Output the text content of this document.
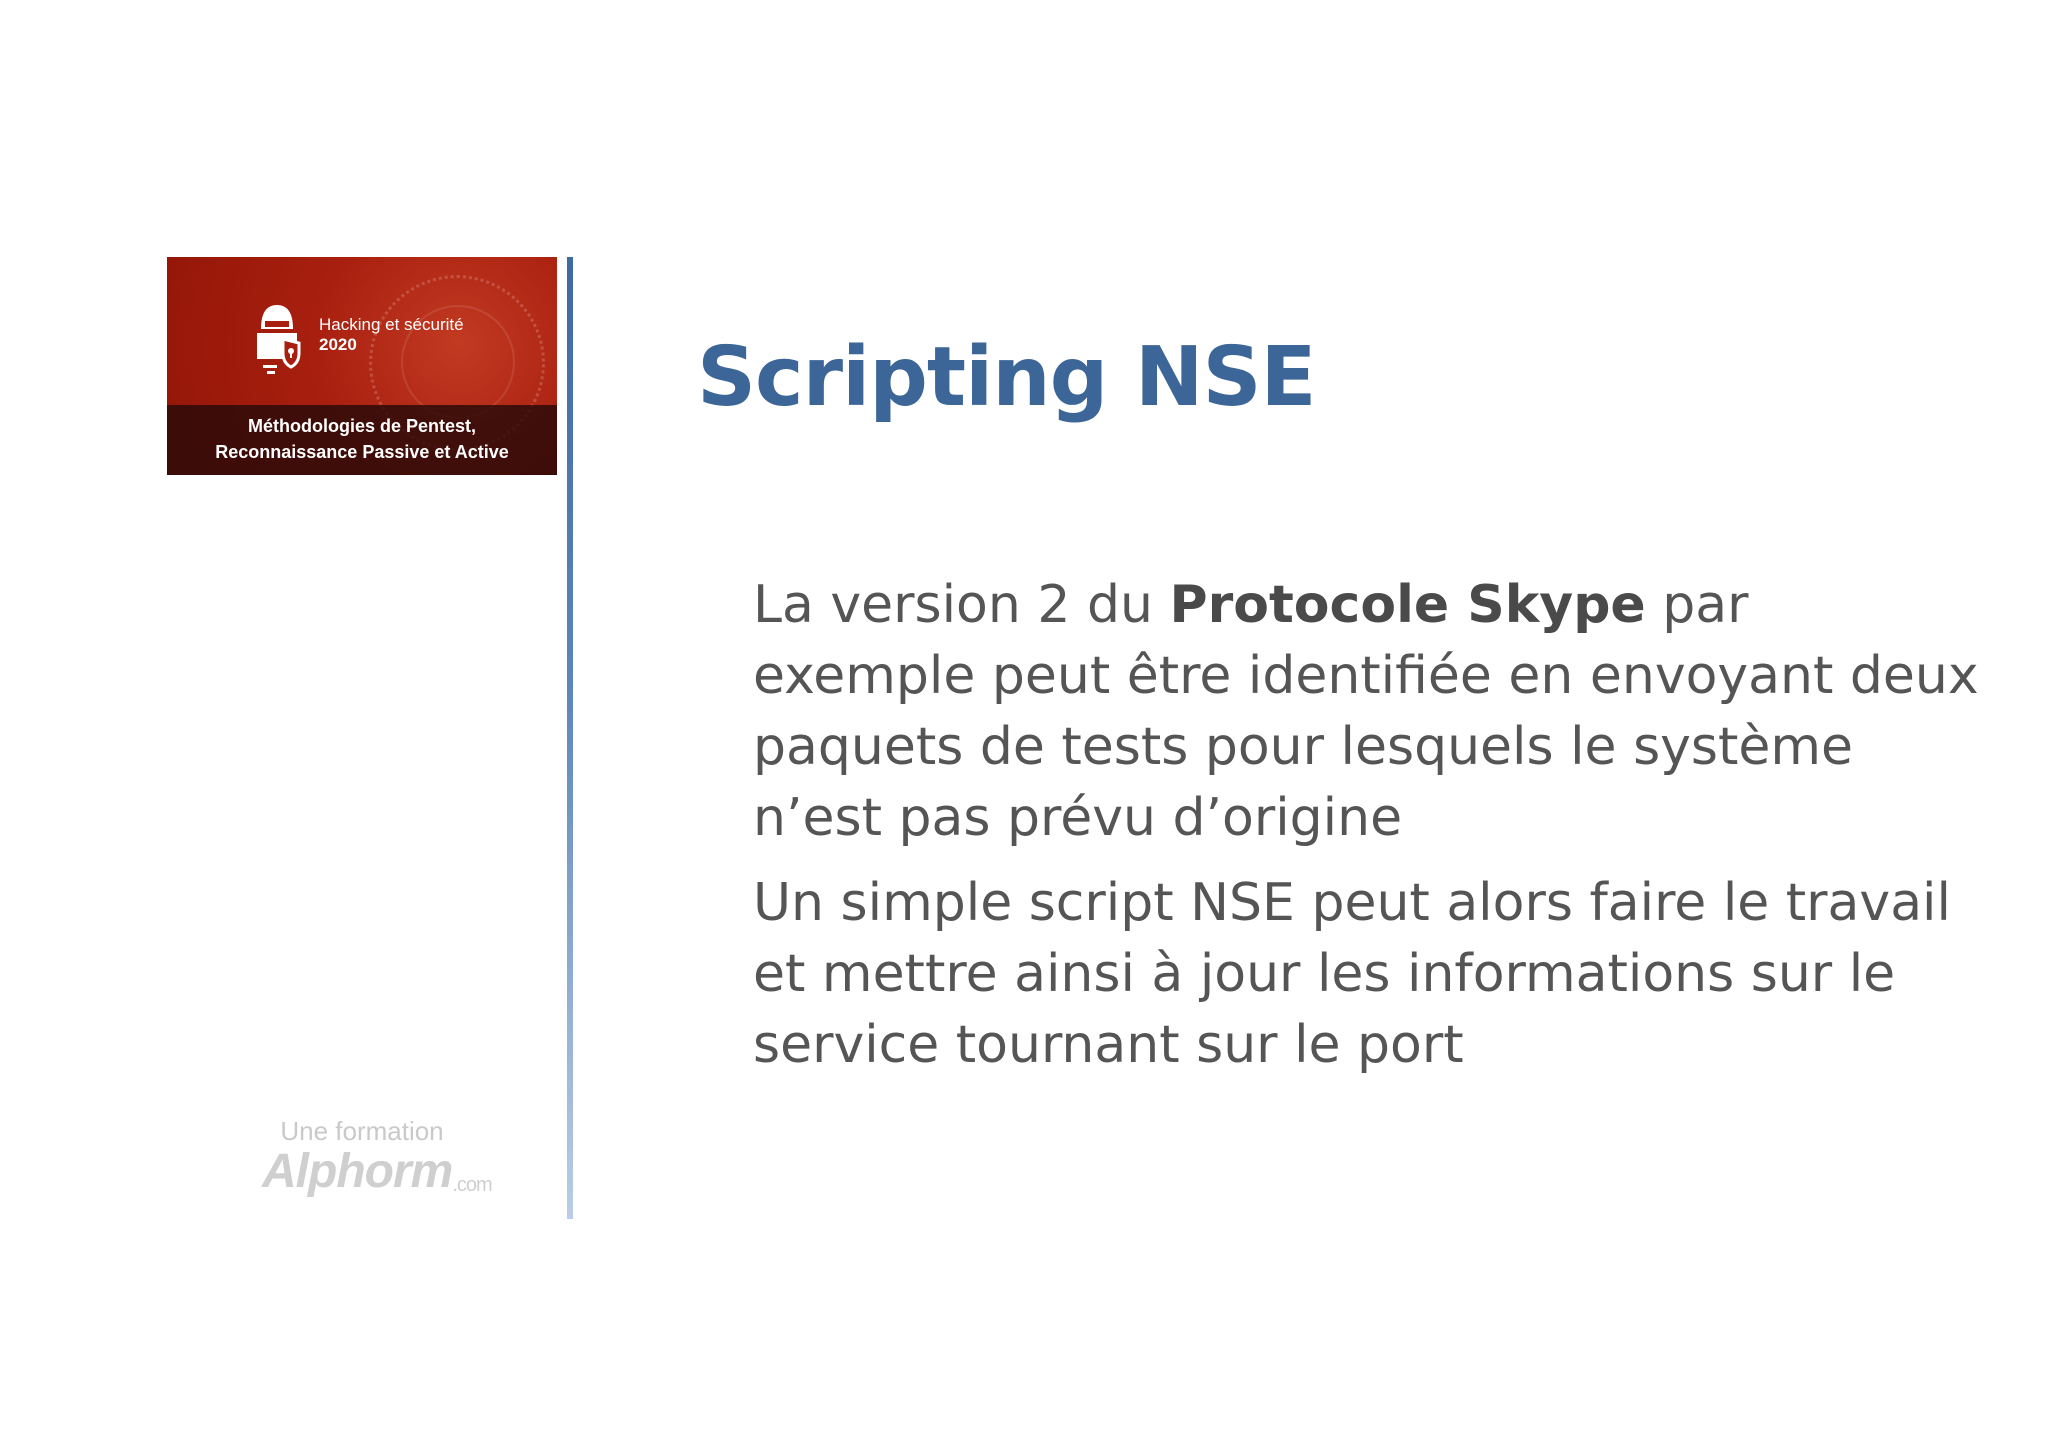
Hacking et sécurité
2020
Méthodologies de Pentest,
Reconnaissance Passive et Active
Une formation
Alphorm.com
Scripting NSE

La version 2 du Protocole Skype par exemple peut être identifiée en envoyant deux paquets de tests pour lesquels le système n’est pas prévu d’origine

Un simple script NSE peut alors faire le travail et mettre ainsi à jour les informations sur le service tournant sur le port
